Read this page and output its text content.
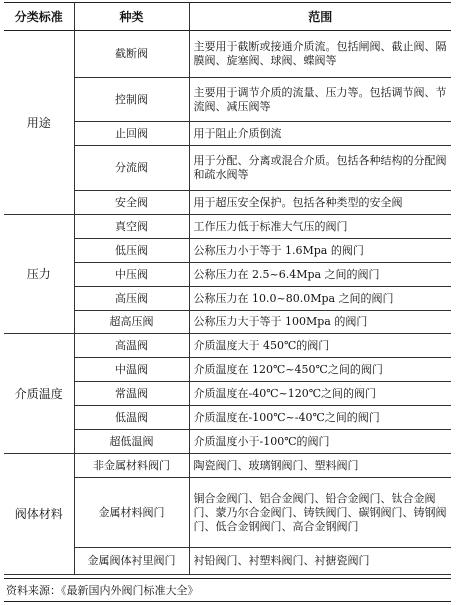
分类标准	种类	范围
用途	截断阀	主要用于截断或接通介质流。包括闸阀、截止阀、隔膜阀、旋塞阀、球阀、蝶阀等
	控制阀	主要用于调节介质的流量、压力等。包括调节阀、节流阀、减压阀等
	止回阀	用于阻止介质倒流
	分流阀	用于分配、分离或混合介质。包括各种结构的分配阀和疏水阀等
	安全阀	用于超压安全保护。包括各种类型的安全阀
压力	真空阀	工作压力低于标准大气压的阀门
	低压阀	公称压力小于等于 1.6Mpa 的阀门
	中压阀	公称压力在 2.5~6.4Mpa 之间的阀门
	高压阀	公称压力在 10.0~80.0Mpa 之间的阀门
	超高压阀	公称压力大于等于 100Mpa 的阀门
介质温度	高温阀	介质温度大于 450℃的阀门
	中温阀	介质温度在 120℃~450℃之间的阀门
	常温阀	介质温度在-40℃~120℃之间的阀门
	低温阀	介质温度在-100℃~-40℃之间的阀门
	超低温阀	介质温度小于-100℃的阀门
阀体材料	非金属材料阀门	陶瓷阀门、玻璃钢阀门、塑料阀门
	金属材料阀门	铜合金阀门、铝合金阀门、铅合金阀门、钛合金阀门、蒙乃尔合金阀门、铸铁阀门、碳钢阀门、铸钢阀门、低合金钢阀门、高合金钢阀门
	金属阀体衬里阀门	衬铅阀门、衬塑料阀门、衬搪瓷阀门
资料来源：《最新国内外阀门标准大全》
